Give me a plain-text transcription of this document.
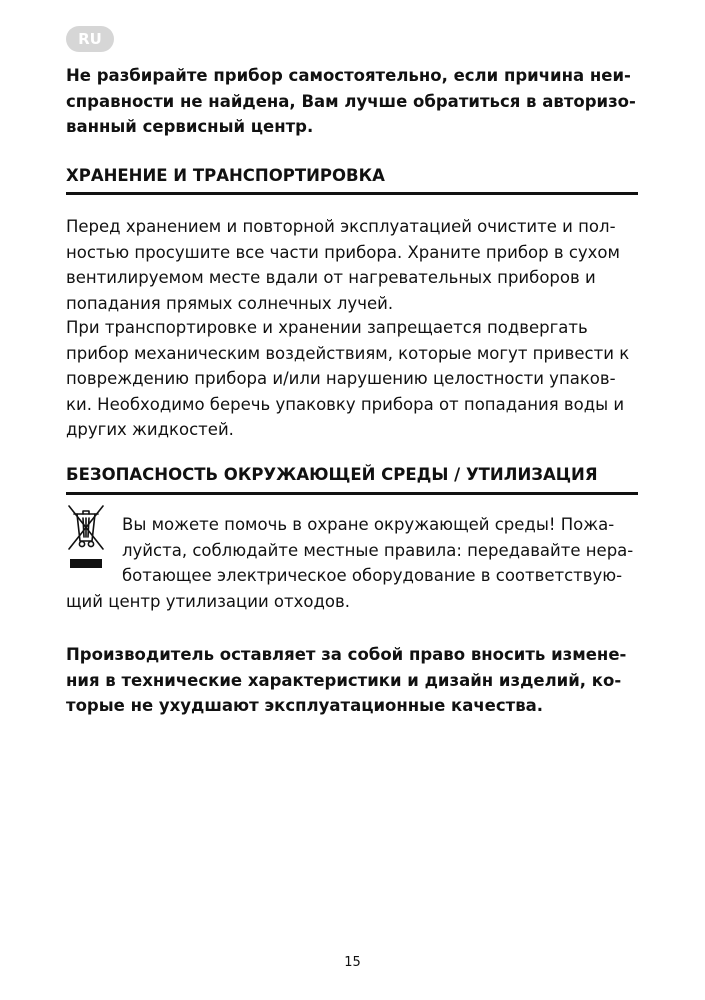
RU

Не разбирайте прибор самостоятельно, если причина неи-
справности не найдена, Вам лучше обратиться в авторизо-
ванный сервисный центр.

ХРАНЕНИЕ И ТРАНСПОРТИРОВКА

Перед хранением и повторной эксплуатацией очистите и пол-
ностью просушите все части прибора. Храните прибор в сухом
вентилируемом месте вдали от нагревательных приборов и
попадания прямых солнечных лучей.

При транспортировке и хранении запрещается подвергать
прибор механическим воздействиям, которые могут привести к
повреждению прибора и/или нарушению целостности упаков-
ки. Необходимо беречь упаковку прибора от попадания воды и
других жидкостей.

БЕЗОПАСНОСТЬ ОКРУЖАЮЩЕЙ СРЕДЫ / УТИЛИЗАЦИЯ

Вы можете помочь в охране окружающей среды! Пожа-
луйста, соблюдайте местные правила: передавайте нера-
ботающее электрическое оборудование в соответствую-
щий центр утилизации отходов.

Производитель оставляет за собой право вносить измене-
ния в технические характеристики и дизайн изделий, ко-
торые не ухудшают эксплуатационные качества.

15
